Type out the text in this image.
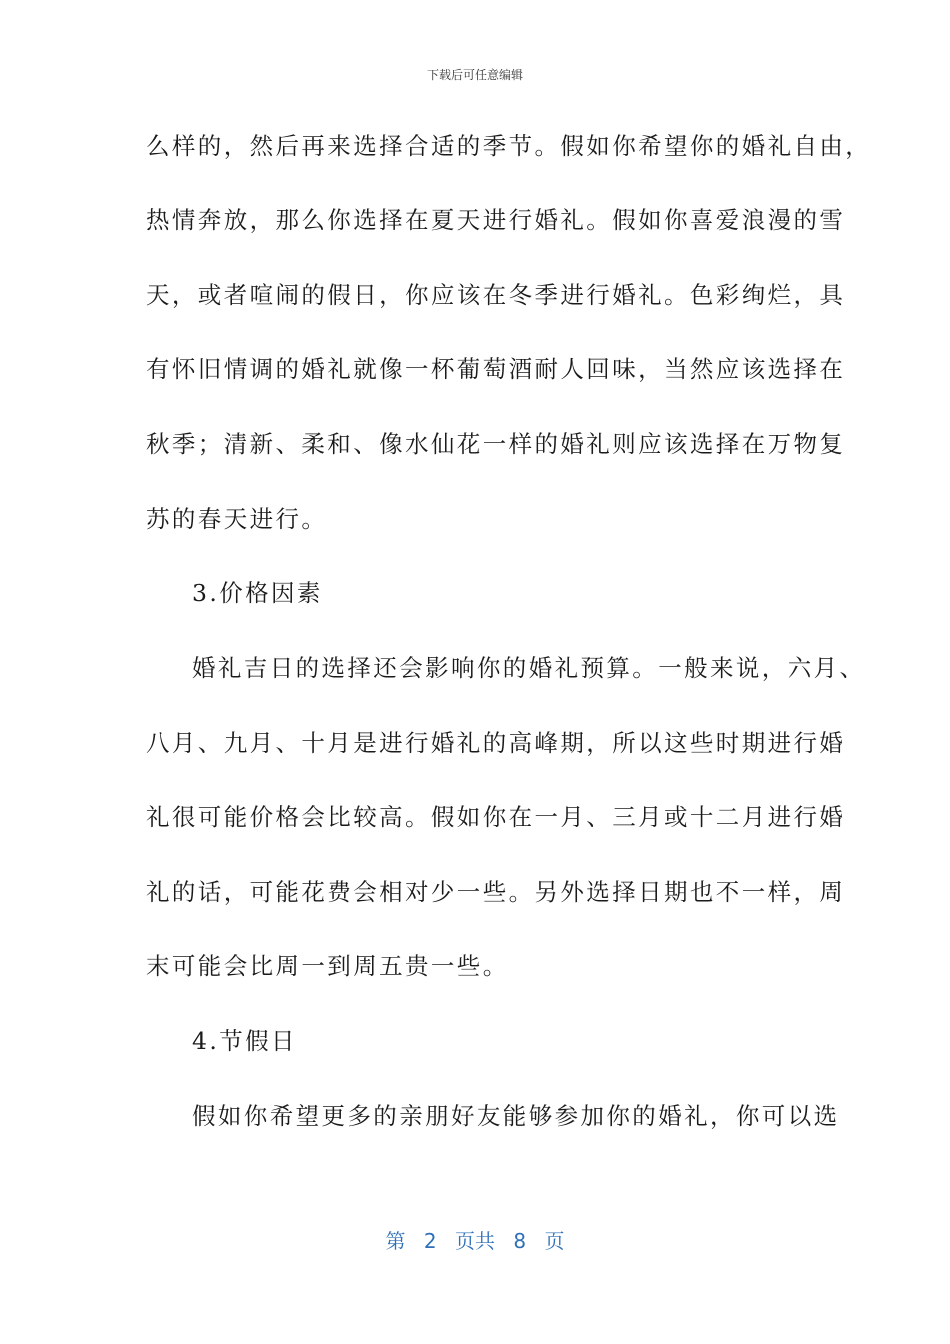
下载后可任意编辑
么样的，然后再来选择合适的季节。假如你希望你的婚礼自由，
热情奔放，那么你选择在夏天进行婚礼。假如你喜爱浪漫的雪
天，或者喧闹的假日，你应该在冬季进行婚礼。色彩绚烂，具
有怀旧情调的婚礼就像一杯葡萄酒耐人回味，当然应该选择在
秋季；清新、柔和、像水仙花一样的婚礼则应该选择在万物复
苏的春天进行。
3.价格因素
婚礼吉日的选择还会影响你的婚礼预算。一般来说，六月、
八月、九月、十月是进行婚礼的高峰期，所以这些时期进行婚
礼很可能价格会比较高。假如你在一月、三月或十二月进行婚
礼的话，可能花费会相对少一些。另外选择日期也不一样，周
末可能会比周一到周五贵一些。
4.节假日
假如你希望更多的亲朋好友能够参加你的婚礼，你可以选
第 2 页共 8 页
